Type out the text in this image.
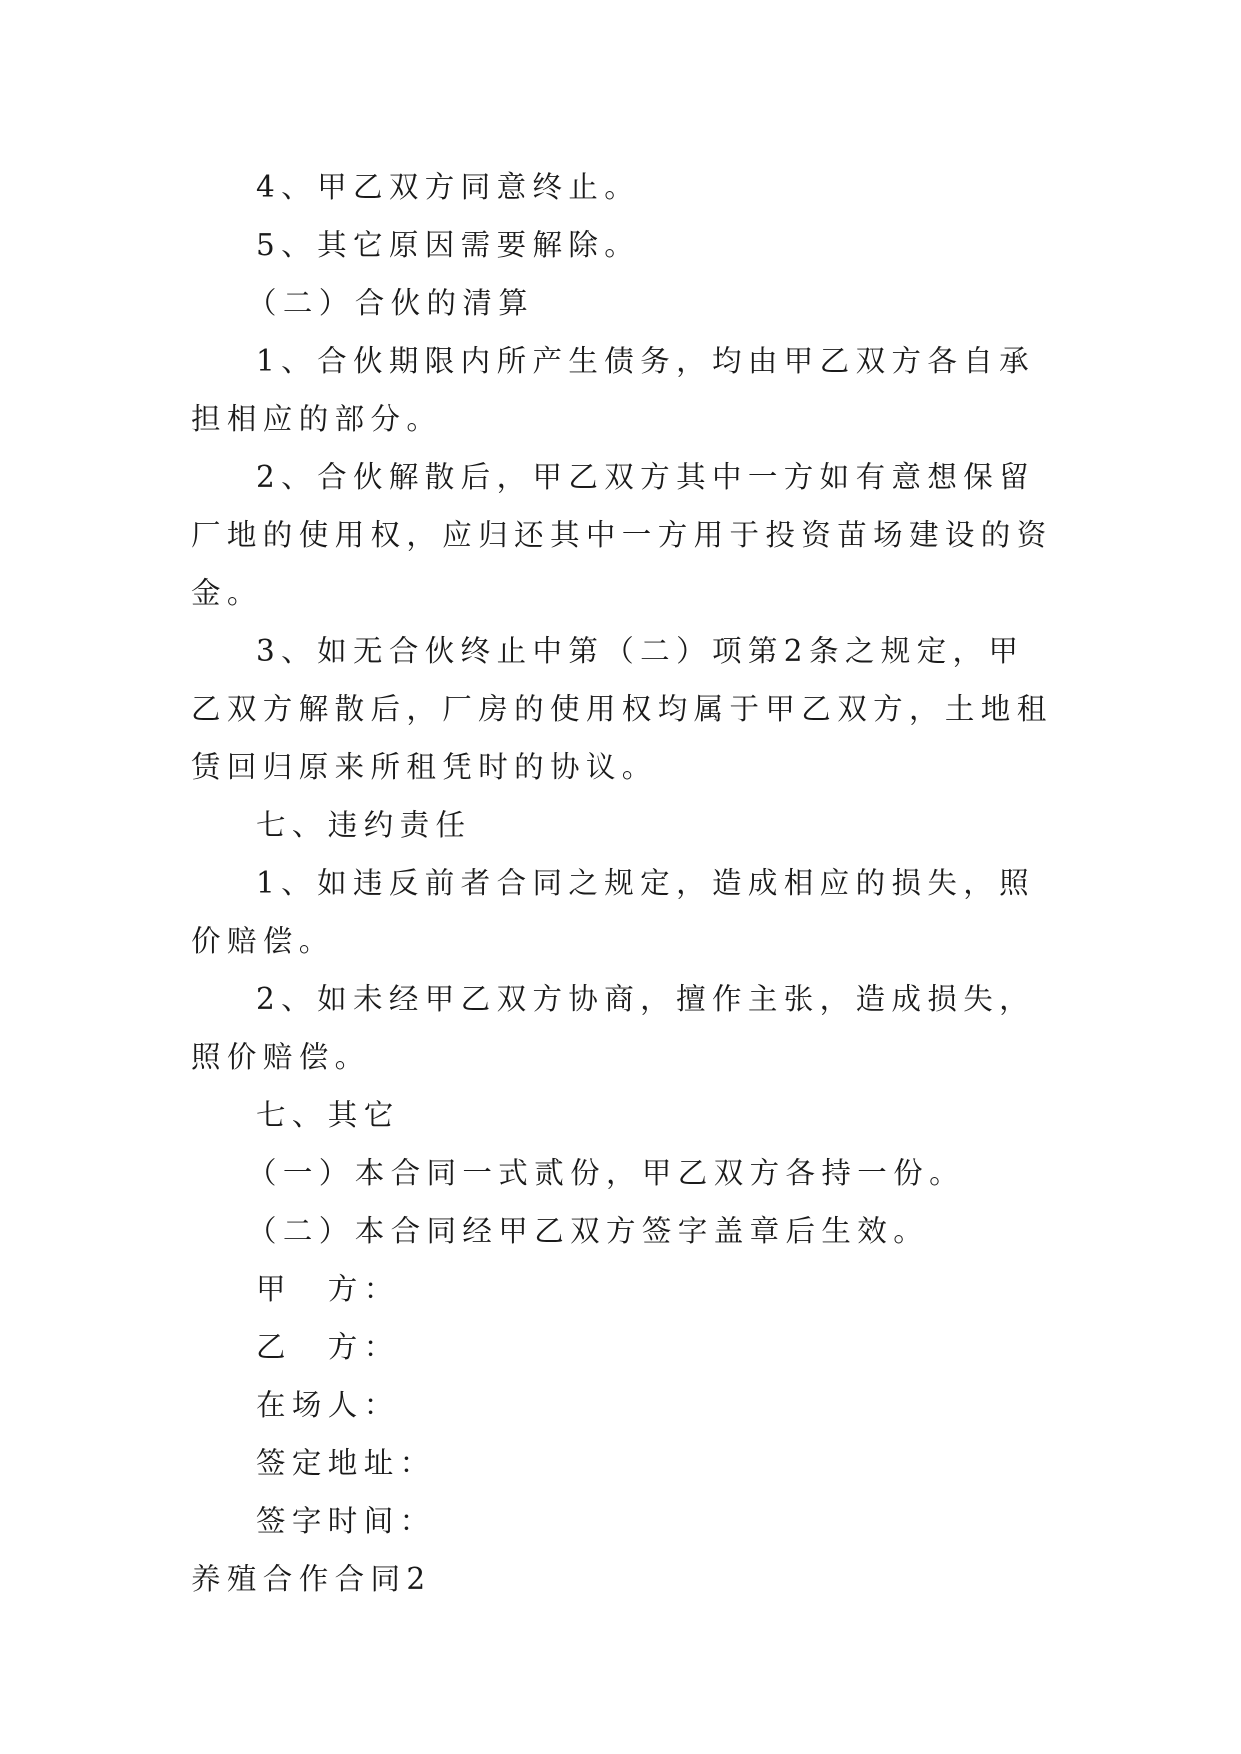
4、甲乙双方同意终止。

5、其它原因需要解除。

（二）合伙的清算

1、合伙期限内所产生债务，均由甲乙双方各自承担相应的部分。

2、合伙解散后，甲乙双方其中一方如有意想保留厂地的使用权，应归还其中一方用于投资苗场建设的资金。

3、如无合伙终止中第（二）项第2条之规定，甲乙双方解散后，厂房的使用权均属于甲乙双方，土地租赁回归原来所租凭时的协议。

七、违约责任

1、如违反前者合同之规定，造成相应的损失，照价赔偿。

2、如未经甲乙双方协商，擅作主张，造成损失，照价赔偿。

七、其它

（一）本合同一式贰份，甲乙双方各持一份。

（二）本合同经甲乙双方签字盖章后生效。

甲　方：

乙　方：

在场人：

签定地址：

签字时间：

养殖合作合同2
